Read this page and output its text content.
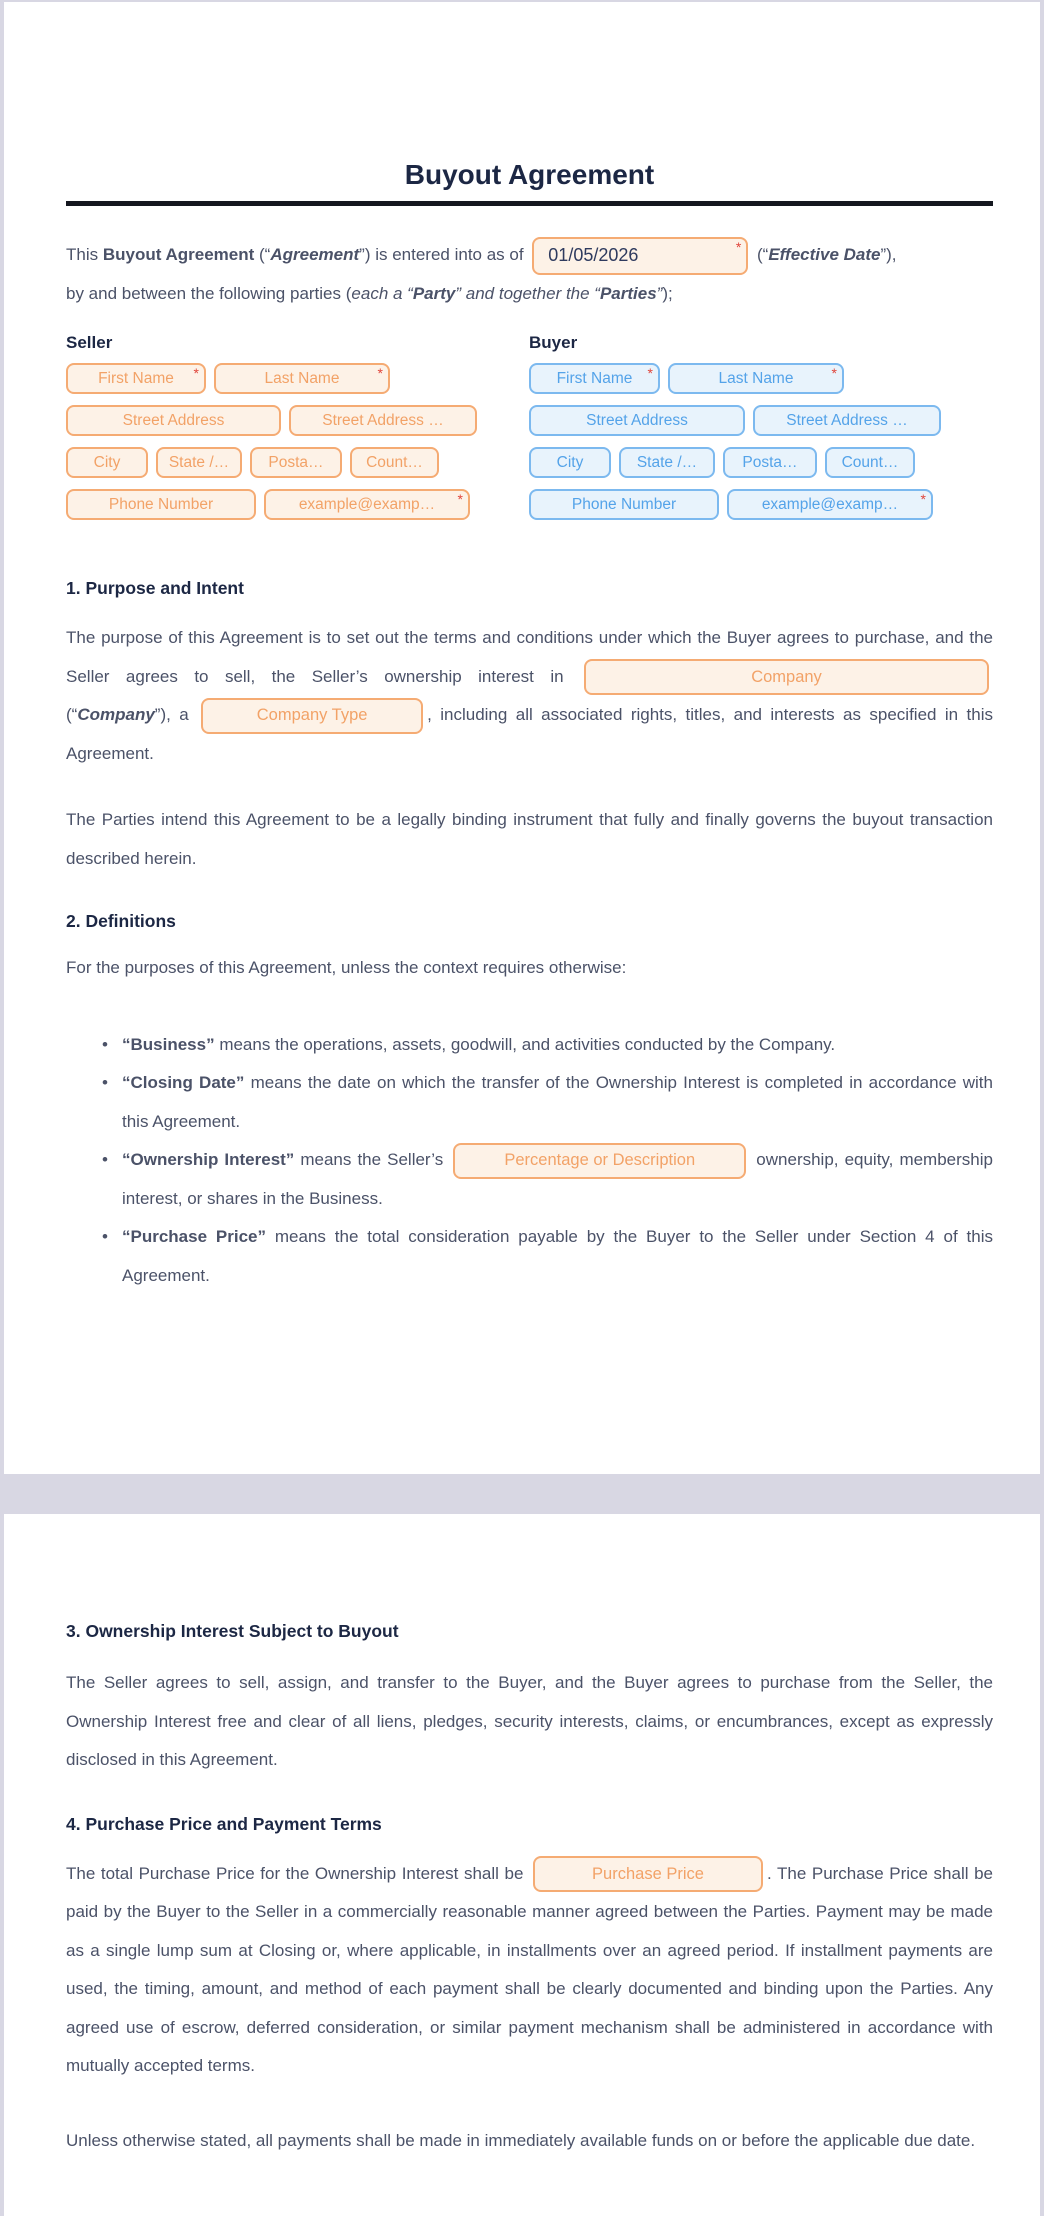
Buyout Agreement

This Buyout Agreement (“Agreement”) is entered into as of 01/05/2026	* (“Effective Date”),
by and between the following parties (each a “Party” and together the “Parties”);

Seller
First Name *	Last Name	*
Street Address	Street Address …
City	State /…	Posta…	Count…
Phone Number	example@examp… *
Buyer
First Name *	Last Name	*
Street Address	Street Address …
City	State /…	Posta…	Count…
Phone Number	example@examp… *
1. Purpose and Intent

The purpose of this Agreement is to set out the terms and conditions under which the Buyer agrees to purchase, and the Seller agrees to sell, the Seller’s ownership interest in	Company
(“Company”), a	Company Type	, including all associated rights, titles, and interests as specified in this Agreement.

The Parties intend this Agreement to be a legally binding instrument that fully and finally governs the buyout transaction described herein.

2. Definitions

For the purposes of this Agreement, unless the context requires otherwise:

• “Business” means the operations, assets, goodwill, and activities conducted by the Company.
• “Closing Date” means the date on which the transfer of the Ownership Interest is completed in accordance with this Agreement.
• “Ownership Interest” means the Seller’s	Percentage or Description	ownership, equity, membership interest, or shares in the Business.
• “Purchase Price” means the total consideration payable by the Buyer to the Seller under Section 4 of this Agreement.
3. Ownership Interest Subject to Buyout

The Seller agrees to sell, assign, and transfer to the Buyer, and the Buyer agrees to purchase from the Seller, the Ownership Interest free and clear of all liens, pledges, security interests, claims, or encumbrances, except as expressly disclosed in this Agreement.

4. Purchase Price and Payment Terms

The total Purchase Price for the Ownership Interest shall be	Purchase Price	. The Purchase Price shall be paid by the Buyer to the Seller in a commercially reasonable manner agreed between the Parties. Payment may be made as a single lump sum at Closing or, where applicable, in installments over an agreed period. If installment payments are used, the timing, amount, and method of each payment shall be clearly documented and binding upon the Parties. Any agreed use of escrow, deferred consideration, or similar payment mechanism shall be administered in accordance with mutually accepted terms.

Unless otherwise stated, all payments shall be made in immediately available funds on or before the applicable due date.
